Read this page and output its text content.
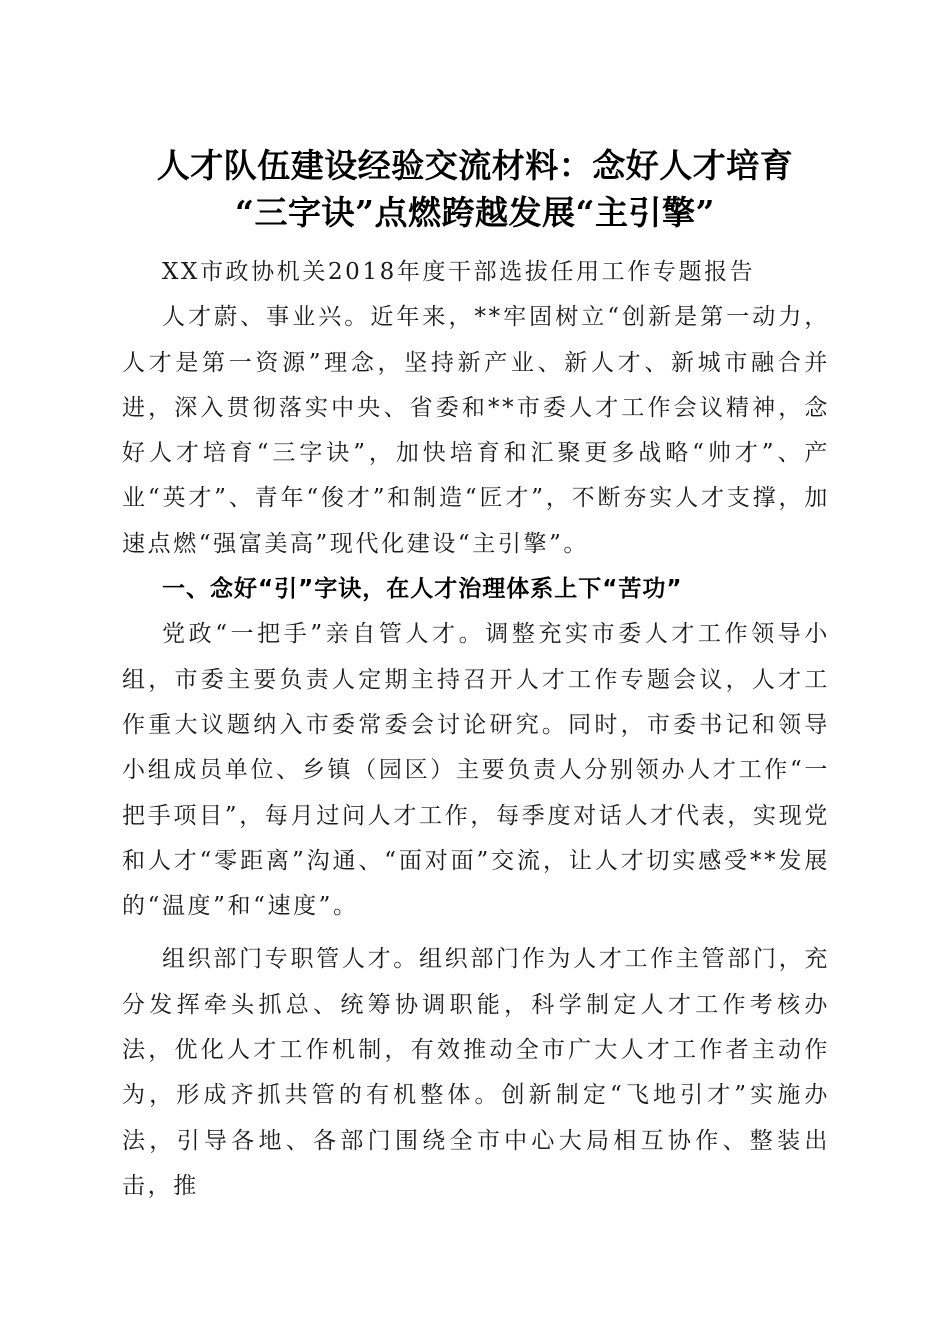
人才队伍建设经验交流材料：念好人才培育
“三字诀”点燃跨越发展“主引擎”

XX市政协机关2018年度干部选拔任用工作专题报告

人才蔚、事业兴。近年来，**牢固树立“创新是第一动力，人才是第一资源”理念，坚持新产业、新人才、新城市融合并进，深入贯彻落实中央、省委和**市委人才工作会议精神，念好人才培育“三字诀”，加快培育和汇聚更多战略“帅才”、产业“英才”、青年“俊才”和制造“匠才”，不断夯实人才支撑，加速点燃“强富美高”现代化建设“主引擎”。

一、念好“引”字诀，在人才治理体系上下“苦功”

党政“一把手”亲自管人才。调整充实市委人才工作领导小组，市委主要负责人定期主持召开人才工作专题会议，人才工作重大议题纳入市委常委会讨论研究。同时，市委书记和领导小组成员单位、乡镇（园区）主要负责人分别领办人才工作“一把手项目”，每月过问人才工作，每季度对话人才代表，实现党和人才“零距离”沟通、“面对面”交流，让人才切实感受**发展的“温度”和“速度”。

组织部门专职管人才。组织部门作为人才工作主管部门，充分发挥牵头抓总、统筹协调职能，科学制定人才工作考核办法，优化人才工作机制，有效推动全市广大人才工作者主动作为，形成齐抓共管的有机整体。创新制定“飞地引才”实施办法，引导各地、各部门围绕全市中心大局相互协作、整装出击，推
